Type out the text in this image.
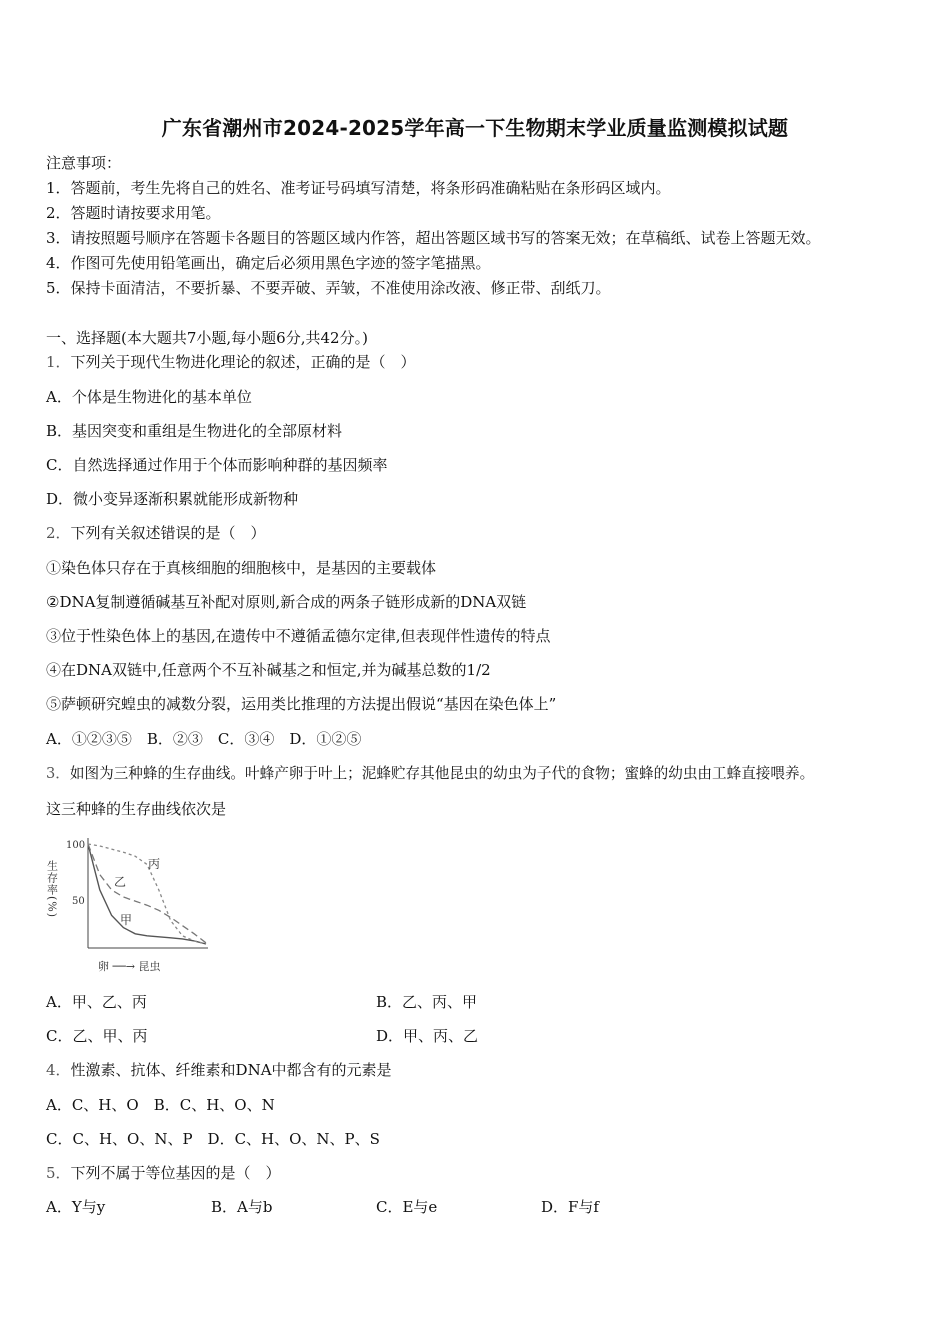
广东省潮州市2024-2025学年高一下生物期末学业质量监测模拟试题
注意事项：
1．答题前，考生先将自己的姓名、准考证号码填写清楚，将条形码准确粘贴在条形码区域内。
2．答题时请按要求用笔。
3．请按照题号顺序在答题卡各题目的答题区域内作答，超出答题区域书写的答案无效；在草稿纸、试卷上答题无效。
4．作图可先使用铅笔画出，确定后必须用黑色字迹的签字笔描黑。
5．保持卡面清洁，不要折暴、不要弄破、弄皱，不准使用涂改液、修正带、刮纸刀。
一、选择题(本大题共7小题,每小题6分,共42分。)
1．下列关于现代生物进化理论的叙述，正确的是（　）
A．个体是生物进化的基本单位
B．基因突变和重组是生物进化的全部原材料
C．自然选择通过作用于个体而影响种群的基因频率
D．微小变异逐渐积累就能形成新物种
2．下列有关叙述错误的是（　）
①染色体只存在于真核细胞的细胞核中，是基因的主要载体
②DNA复制遵循碱基互补配对原则,新合成的两条子链形成新的DNA双链
③位于性染色体上的基因,在遗传中不遵循孟德尔定律,但表现伴性遗传的特点
④在DNA双链中,任意两个不互补碱基之和恒定,并为碱基总数的1/2
⑤萨顿研究蝗虫的减数分裂，运用类比推理的方法提出假说“基因在染色体上”
A．①②③⑤　B．②③　C．③④　D．①②⑤
3．如图为三种蜂的生存曲线。叶蜂产卵于叶上；泥蜂贮存其他昆虫的幼虫为子代的食物；蜜蜂的幼虫由工蜂直接喂养。
这三种蜂的生存曲线依次是
100
50
生存率(%)
卵 ──→ 昆虫
丙
乙
甲
A．甲、乙、丙	B．乙、丙、甲
C．乙、甲、丙	D．甲、丙、乙
4．性激素、抗体、纤维素和DNA中都含有的元素是
A．C、H、O　B．C、H、O、N
C．C、H、O、N、P　D．C、H、O、N、P、S
5．下列不属于等位基因的是（　）
A．Y与y	B．A与b	C．E与e	D．F与f
